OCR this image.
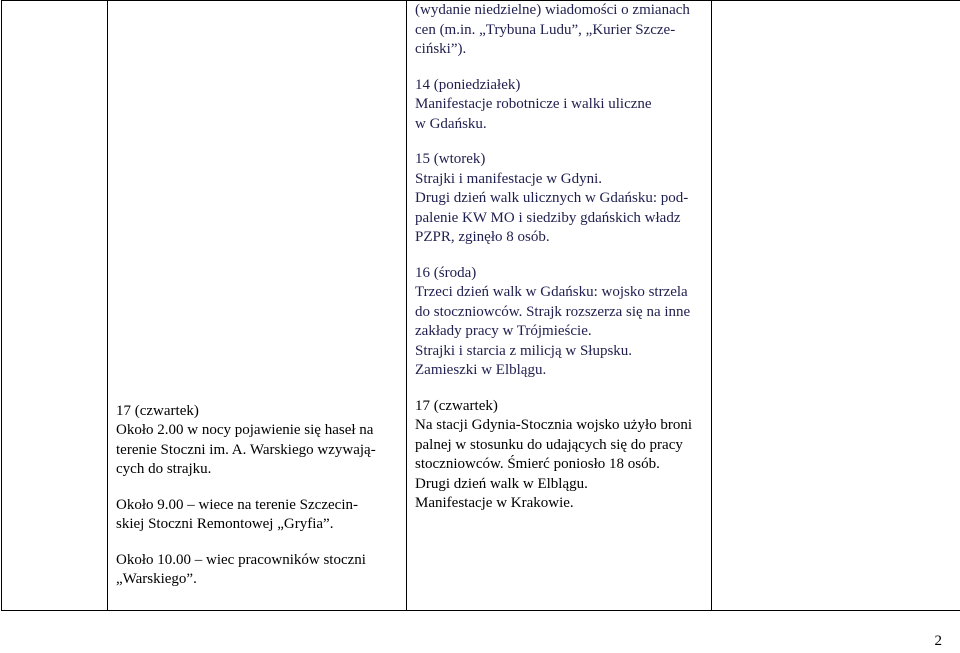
17 (czwartek)
Około 2.00 w nocy pojawienie się haseł na
terenie Stoczni im. A. Warskiego wzywają-
cych do strajku.
Około 9.00 – wiece na terenie Szczecin-
skiej Stoczni Remontowej „Gryfia”.
Około 10.00 – wiec pracowników stoczni
„Warskiego”.

(wydanie niedzielne) wiadomości o zmianach
cen (m.in. „Trybuna Ludu”, „Kurier Szcze-
ciński”).
14 (poniedziałek)
Manifestacje robotnicze i walki uliczne
w Gdańsku.
15 (wtorek)
Strajki i manifestacje w Gdyni.
Drugi dzień walk ulicznych w Gdańsku: pod-
palenie KW MO i siedziby gdańskich władz
PZPR, zginęło 8 osób.
16 (środa)
Trzeci dzień walk w Gdańsku: wojsko strzela
do stoczniowców. Strajk rozszerza się na inne
zakłady pracy w Trójmieście.
Strajki i starcia z milicją w Słupsku.
Zamieszki w Elblągu.
17 (czwartek)
Na stacji Gdynia-Stocznia wojsko użyło broni
palnej w stosunku do udających się do pracy
stoczniowców. Śmierć poniosło 18 osób.
Drugi dzień walk w Elblągu.
Manifestacje w Krakowie.

2
